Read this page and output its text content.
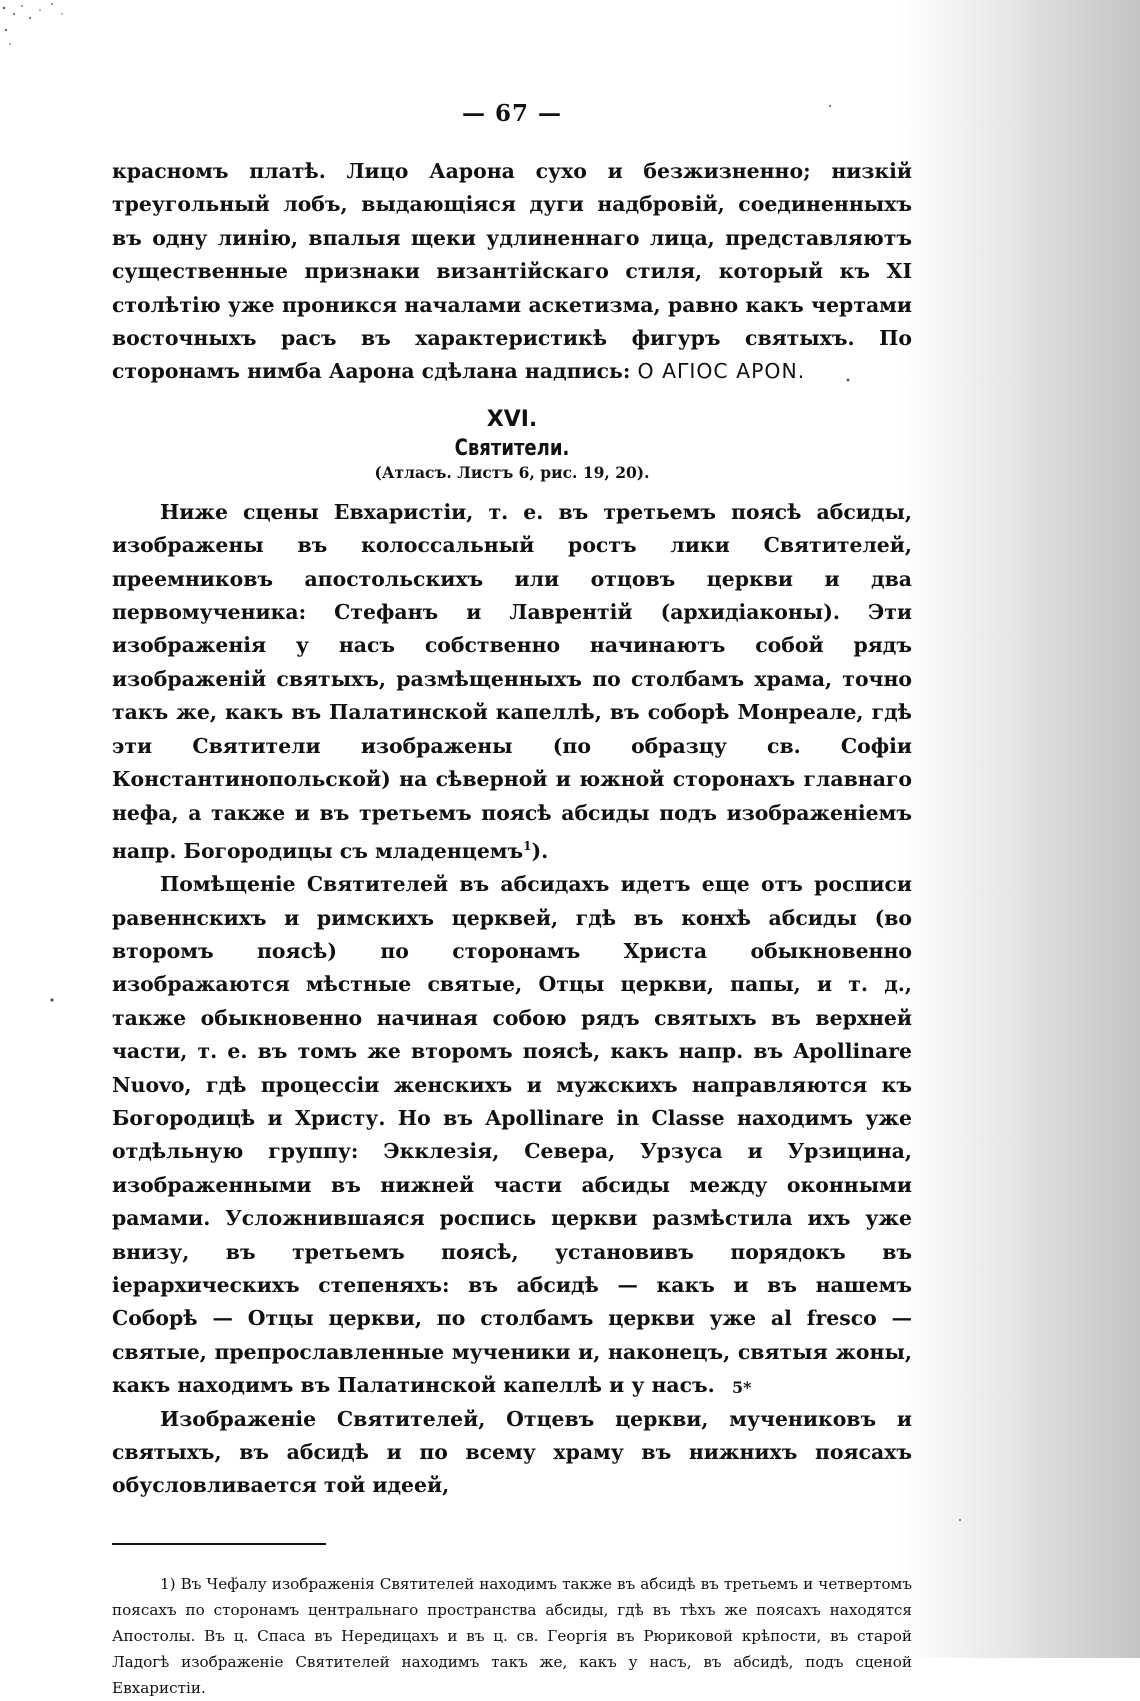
— 67 —

красномъ платѣ. Лицо Аарона сухо и безжизненно; низкій треугольный лобъ, выдающіяся дуги надбровій, соединенныхъ въ одну линію, впалыя щеки удлиненнаго лица, представляютъ существенные признаки византійскаго стиля, который къ XI столѣтію уже проникся началами аскетизма, равно какъ чертами восточныхъ расъ въ характеристикѣ фигуръ святыхъ. По сторонамъ нимба Аарона сдѣлана надпись: Ο ΑΓΙΟC ΑΡΟΝ.

XVI.
Святители.
(Атласъ. Листъ 6, рис. 19, 20).

Ниже сцены Евхаристіи, т. е. въ третьемъ поясѣ абсиды, изображены въ колоссальный ростъ лики Святителей, преемниковъ апостольскихъ или отцовъ церкви и два первомученика: Стефанъ и Лаврентій (архидіаконы). Эти изображенія у насъ собственно начинаютъ собой рядъ изображеній святыхъ, размѣщенныхъ по столбамъ храма, точно такъ же, какъ въ Палатинской капеллѣ, въ соборѣ Монреале, гдѣ эти Святители изображены (по образцу св. Софіи Константинопольской) на сѣверной и южной сторонахъ главнаго нефа, а также и въ третьемъ поясѣ абсиды подъ изображеніемъ напр. Богородицы съ младенцемъ$^1$).

Помѣщеніе Святителей въ абсидахъ идетъ еще отъ росписи равеннскихъ и римскихъ церквей, гдѣ въ конхѣ абсиды (во второмъ поясѣ) по сторонамъ Христа обыкновенно изображаются мѣстные святые, Отцы церкви, папы, и т. д., также обыкновенно начиная собою рядъ святыхъ въ верхней части, т. е. въ томъ же второмъ поясѣ, какъ напр. въ Apollinare Nuovo, гдѣ процессіи женскихъ и мужскихъ направляются къ Богородицѣ и Христу. Но въ Apollinare in Classe находимъ уже отдѣльную группу: Экклезія, Севера, Урзуса и Урзицина, изображенными въ нижней части абсиды между оконными рамами. Усложнившаяся роспись церкви размѣстила ихъ уже внизу, въ третьемъ поясѣ, установивъ порядокъ въ іерархическихъ степеняхъ: въ абсидѣ — какъ и въ нашемъ Соборѣ — Отцы церкви, по столбамъ церкви уже al fresco — святые, препрославленные мученики и, наконецъ, святыя жоны, какъ находимъ въ Палатинской капеллѣ и у насъ.

Изображеніе Святителей, Отцевъ церкви, мучениковъ и святыхъ, въ абсидѣ и по всему храму въ нижнихъ поясахъ обусловливается той идеей,

1) Въ Чефалу изображенія Святителей находимъ также въ абсидѣ въ третьемъ и четвертомъ поясахъ по сторонамъ центральнаго пространства абсиды, гдѣ въ тѣхъ же поясахъ находятся Апостолы. Въ ц. Спаса въ Нередицахъ и въ ц. св. Георгія въ Рюриковой крѣпости, въ старой Ладогѣ изображеніе Святителей находимъ такъ же, какъ у насъ, въ абсидѣ, подъ сценой Евхаристіи.

5*
